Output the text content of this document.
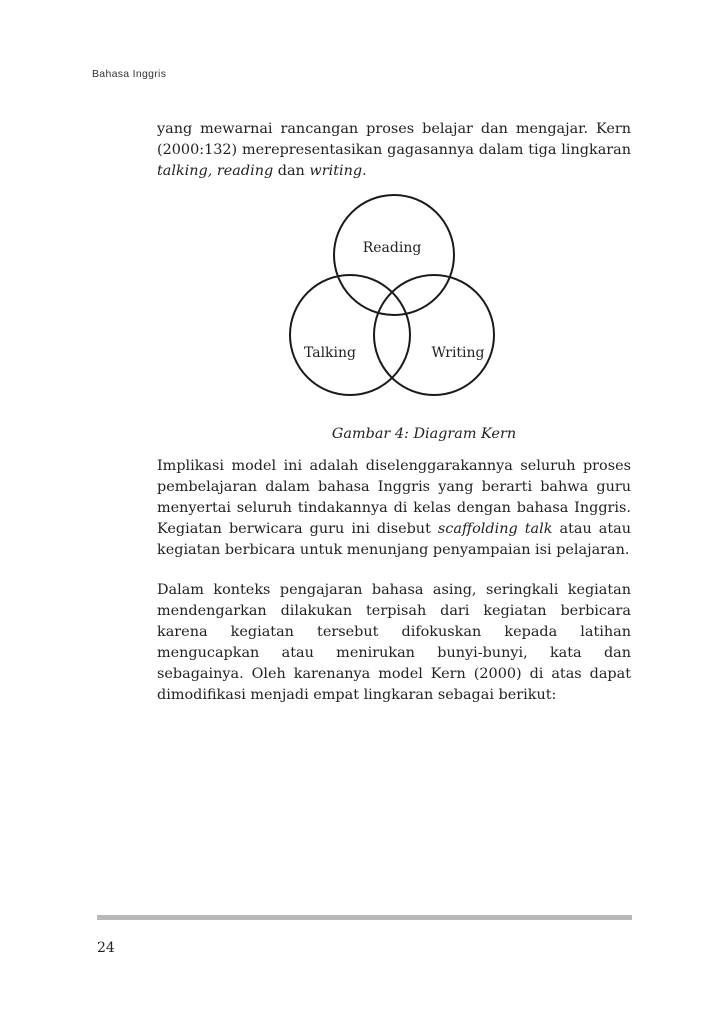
Bahasa Inggris

yang mewarnai rancangan proses belajar dan mengajar. Kern (2000:132) merepresentasikan gagasannya dalam tiga lingkaran talking, reading dan writing.

Reading
Talking	Writing
Gambar 4: Diagram Kern

Implikasi model ini adalah diselenggarakannya seluruh proses pembelajaran dalam bahasa Inggris yang berarti bahwa guru menyertai seluruh tindakannya di kelas dengan bahasa Inggris. Kegiatan berwicara guru ini disebut scaffolding talk atau atau kegiatan berbicara untuk menunjang penyampaian isi pelajaran.

Dalam konteks pengajaran bahasa asing, seringkali kegiatan mendengarkan dilakukan terpisah dari kegiatan berbicara karena kegiatan tersebut difokuskan kepada latihan mengucapkan atau menirukan bunyi-bunyi, kata dan sebagainya. Oleh karenanya model Kern (2000) di atas dapat dimodifikasi menjadi empat lingkaran sebagai berikut:

24
